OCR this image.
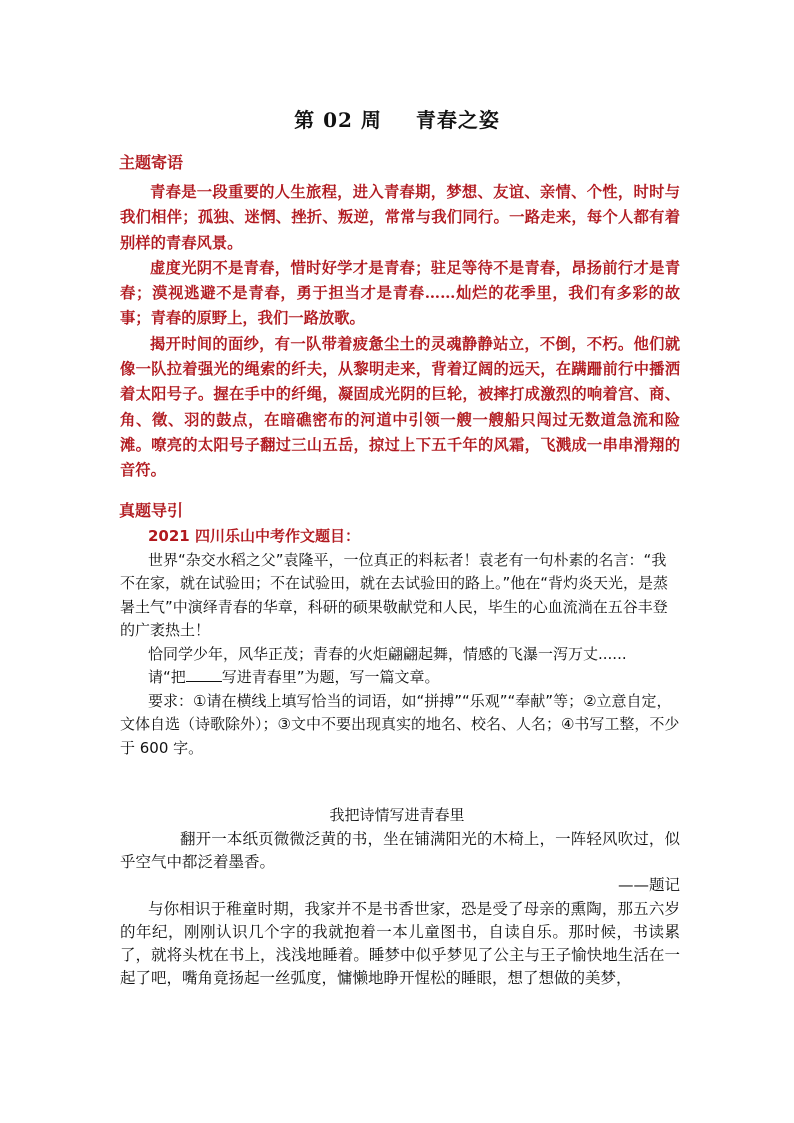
第 02 周 青春之姿
主题寄语

青春是一段重要的人生旅程，进入青春期，梦想、友谊、亲情、个性，时时与我们相伴；孤独、迷惘、挫折、叛逆，常常与我们同行。一路走来，每个人都有着别样的青春风景。

虚度光阴不是青春，惜时好学才是青春；驻足等待不是青春，昂扬前行才是青春；漠视逃避不是青春，勇于担当才是青春……灿烂的花季里，我们有多彩的故事；青春的原野上，我们一路放歌。

揭开时间的面纱，有一队带着疲惫尘土的灵魂静静站立，不倒，不朽。他们就像一队拉着强光的绳索的纤夫，从黎明走来，背着辽阔的远天，在蹒跚前行中播洒着太阳号子。握在手中的纤绳，凝固成光阴的巨轮，被摔打成激烈的响着宫、商、角、徵、羽的鼓点，在暗礁密布的河道中引领一艘一艘船只闯过无数道急流和险滩。嘹亮的太阳号子翻过三山五岳，掠过上下五千年的风霜，飞溅成一串串滑翔的音符。

真题导引

2021 四川乐山中考作文题目：

世界“杂交水稻之父”袁隆平，一位真正的料耘者！袁老有一句朴素的名言：“我不在家，就在试验田；不在试验田，就在去试验田的路上。”他在“背灼炎天光，是蒸暑土气”中演绎青春的华章，科研的硕果敬献党和人民，毕生的心血流淌在五谷丰登的广袤热土！

恰同学少年，风华正茂；青春的火炬翩翩起舞，情感的飞瀑一泻万丈......

请“把 写进青春里”为题，写一篇文章。

要求：①请在横线上填写恰当的词语，如“拼搏”“乐观”“奉献”等；②立意自定，文体自选（诗歌除外）；③文中不要出现真实的地名、校名、人名；④书写工整，不少于 600 字。

我把诗情写进青春里

翻开一本纸页微微泛黄的书，坐在铺满阳光的木椅上，一阵轻风吹过，似乎空气中都泛着墨香。

——题记

与你相识于稚童时期，我家并不是书香世家，恐是受了母亲的熏陶，那五六岁的年纪，刚刚认识几个字的我就抱着一本儿童图书，自读自乐。那时候，书读累了，就将头枕在书上，浅浅地睡着。睡梦中似乎梦见了公主与王子愉快地生活在一起了吧，嘴角竟扬起一丝弧度，慵懒地睁开惺松的睡眼，想了想做的美梦，
